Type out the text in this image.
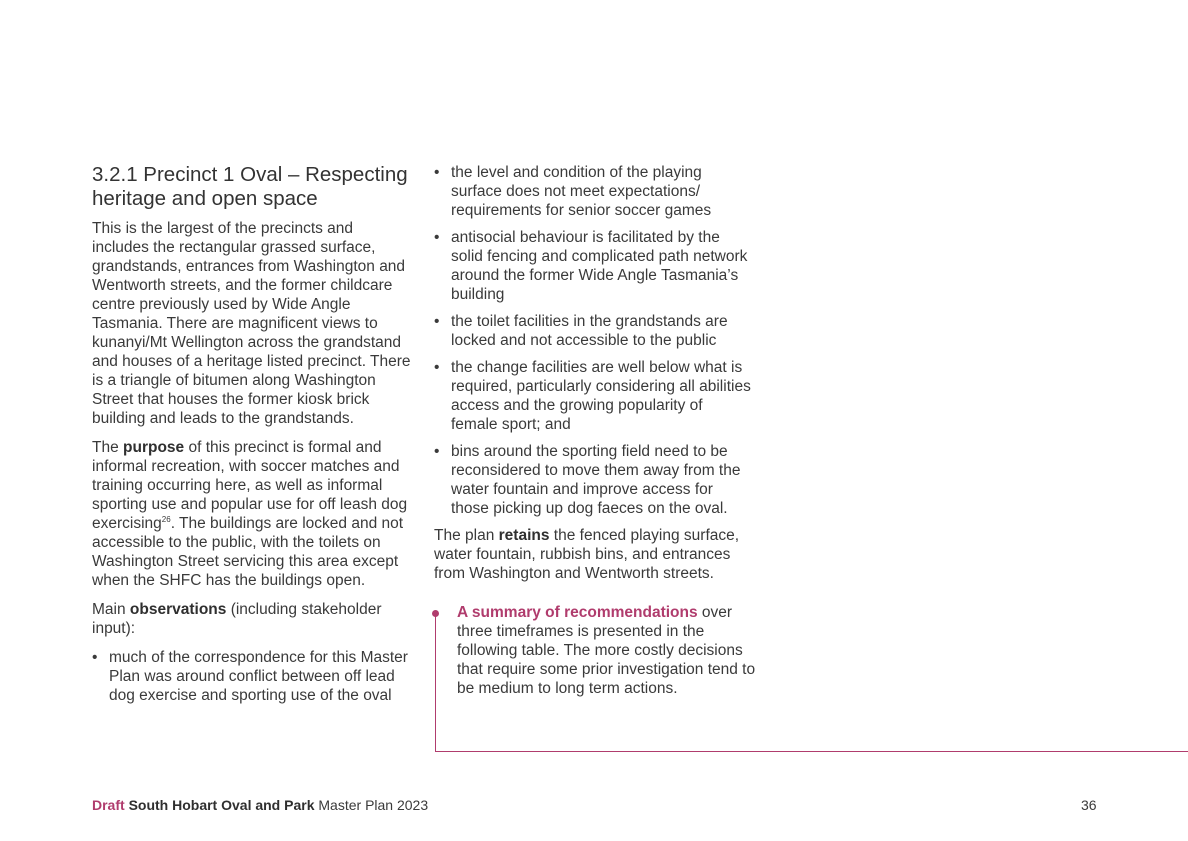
3.2.1 Precinct 1 Oval – Respecting heritage and open space

This is the largest of the precincts and includes the rectangular grassed surface, grandstands, entrances from Washington and Wentworth streets, and the former childcare centre previously used by Wide Angle Tasmania. There are magnificent views to kunanyi/Mt Wellington across the grandstand and houses of a heritage listed precinct. There is a triangle of bitumen along Washington Street that houses the former kiosk brick building and leads to the grandstands.

The purpose of this precinct is formal and informal recreation, with soccer matches and training occurring here, as well as informal sporting use and popular use for off leash dog exercising$^{26}$. The buildings are locked and not accessible to the public, with the toilets on Washington Street servicing this area except when the SHFC has the buildings open.

Main observations (including stakeholder input):

• much of the correspondence for this Master Plan was around conflict between off lead dog exercise and sporting use of the oval
• the level and condition of the playing surface does not meet expectations/ requirements for senior soccer games
• antisocial behaviour is facilitated by the solid fencing and complicated path network around the former Wide Angle Tasmania’s building
• the toilet facilities in the grandstands are locked and not accessible to the public
• the change facilities are well below what is required, particularly considering all abilities access and the growing popularity of female sport; and
• bins around the sporting field need to be reconsidered to move them away from the water fountain and improve access for those picking up dog faeces on the oval.

The plan retains the fenced playing surface, water fountain, rubbish bins, and entrances from Washington and Wentworth streets.

A summary of recommendations over three timeframes is presented in the following table. The more costly decisions that require some prior investigation tend to be medium to long term actions.
Draft South Hobart Oval and Park Master Plan 2023	36
